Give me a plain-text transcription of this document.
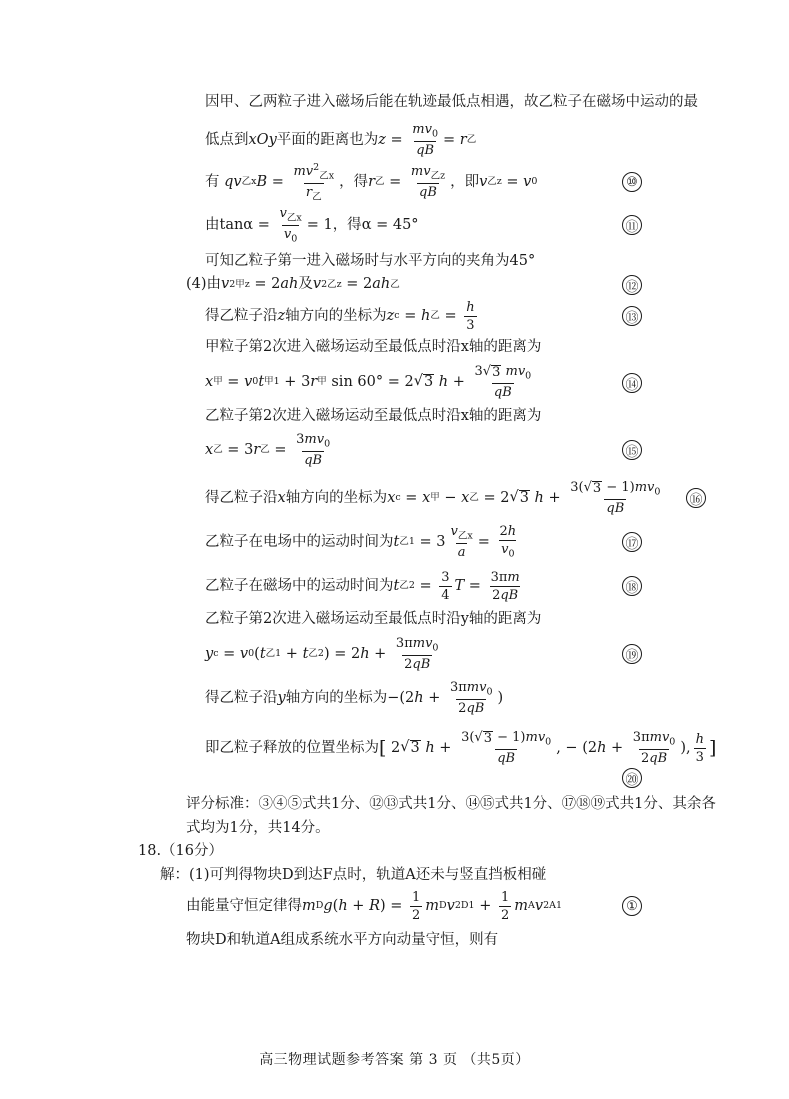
因甲、乙两粒子进入磁场后能在轨迹最低点相遇，故乙粒子在磁场中运动的最
低点到 xOy 平面的距离也为 $z = \frac{mv_0}{qB} = r$ 乙
有
qv 乙x $B = \frac{mv^2_{乙x}}{r_乙}$ ，得 r 乙 = $\frac{mv_{乙z}}{qB}$ ，即 v 乙z = v 0	⑩
由 $\tan\alpha = \frac{v_{乙x}}{v_0} = 1$ ，得 α = 45°	⑪
可知乙粒子第一进入磁场时与水平方向的夹角为45°
(4)由 v 2 甲z = 2 ah 及 v 2 乙z = 2 ah 乙	⑫
得乙粒子沿 z 轴方向的坐标为 z c = h 乙 = $\frac{h}{3}$	⑬
甲粒子第2次进入磁场运动至最低点时沿x轴的距离为
x 甲 = v 0 t 甲1 + 3 r 甲 sin 60° = 2 √ 3
$h + \frac{3√ 3 mv_0}{qB}$	⑭
乙粒子第2次进入磁场运动至最低点时沿x轴的距离为
x 乙 = 3 r 乙 = $\frac{3mv_0}{qB}$	⑮
得乙粒子沿 x 轴方向的坐标为 x c = x 甲 − x 乙 = 2 √ 3
$h + \frac{3(√ 3 - 1)mv_0}{qB}$ ⑯
乙粒子在电场中的运动时间为 t 乙$1 = 3 \frac{v_{乙x}}{a} = \frac{2h}{v_0}$	⑰
乙粒子在磁场中的运动时间为 t 乙$2 = \frac{3}{4}$ $T = \frac{3\pi m}{2qB}$	⑱
乙粒子第2次进入磁场运动至最低点时沿y轴的距离为
y c = v 0 ( t 乙1 + t 乙2 ) = 2 $h + \frac{3\pi mv_0}{2qB}$	⑲
得乙粒子沿 y 轴方向的坐标为 −(2 $h + \frac{3\pi mv_0}{2qB}$ )
即乙粒子释放的位置坐标为 [ 2 √ 3
$h + \frac{3(√ 3 - 1)mv_0}{qB}$ , − (2 $h + \frac{3\pi mv_0}{2qB}$ ), $\frac{h}{3}$ ]
⑳
评分标准：③④⑤式共1分、⑫⑬式共1分、⑭⑮式共1分、⑰⑱⑲式共1分、其余各
式均为1分，共14分。
18.（16分）
解：(1)可判得物块D到达F点时，轨道A还未与竖直挡板相碰
由能量守恒定律得 m D g ( h + R ) = $\frac{1}{2}$ m D v 2 $D1 + \frac{1}{2}$ m A v 2 A1	①
物块D和轨道A组成系统水平方向动量守恒，则有
高三物理试题参考答案 第 3 页 （共5页）
